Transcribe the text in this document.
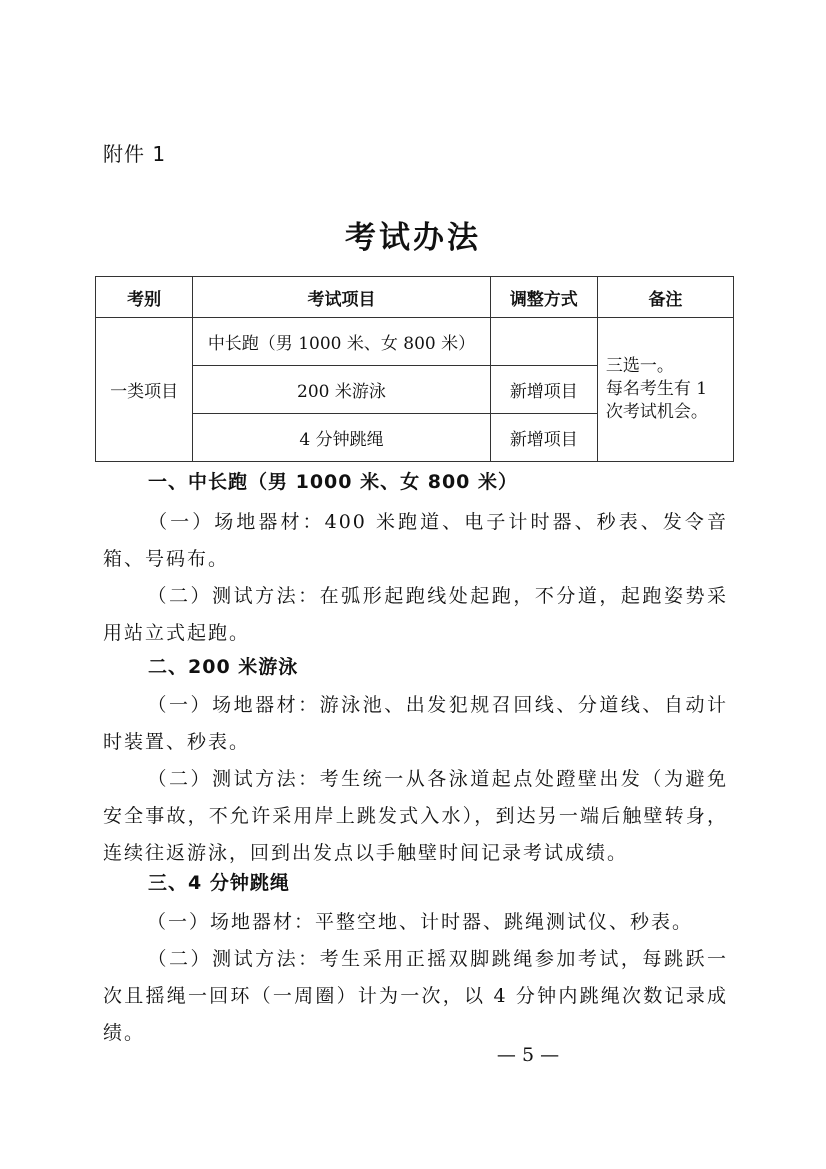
附件 1
考试办法
考别	考试项目	调整方式	备注
一类项目	中长跑（男 1000 米、女 800 米）		三选一。
每名考生有 1
次考试机会。

	200 米游泳	新增项目	
	4 分钟跳绳	新增项目	
一、中长跑（男 1000 米、女 800 米）
（一）场地器材：400 米跑道、电子计时器、秒表、发令音箱、号码布。
（二）测试方法：在弧形起跑线处起跑，不分道，起跑姿势采用站立式起跑。
二、200 米游泳
（一）场地器材：游泳池、出发犯规召回线、分道线、自动计时装置、秒表。
（二）测试方法：考生统一从各泳道起点处蹬壁出发（为避免安全事故，不允许采用岸上跳发式入水），到达另一端后触壁转身，连续往返游泳，回到出发点以手触壁时间记录考试成绩。
三、4 分钟跳绳
（一）场地器材：平整空地、计时器、跳绳测试仪、秒表。
（二）测试方法：考生采用正摇双脚跳绳参加考试，每跳跃一次且摇绳一回环（一周圈）计为一次，以 4 分钟内跳绳次数记录成绩。
— 5 —
